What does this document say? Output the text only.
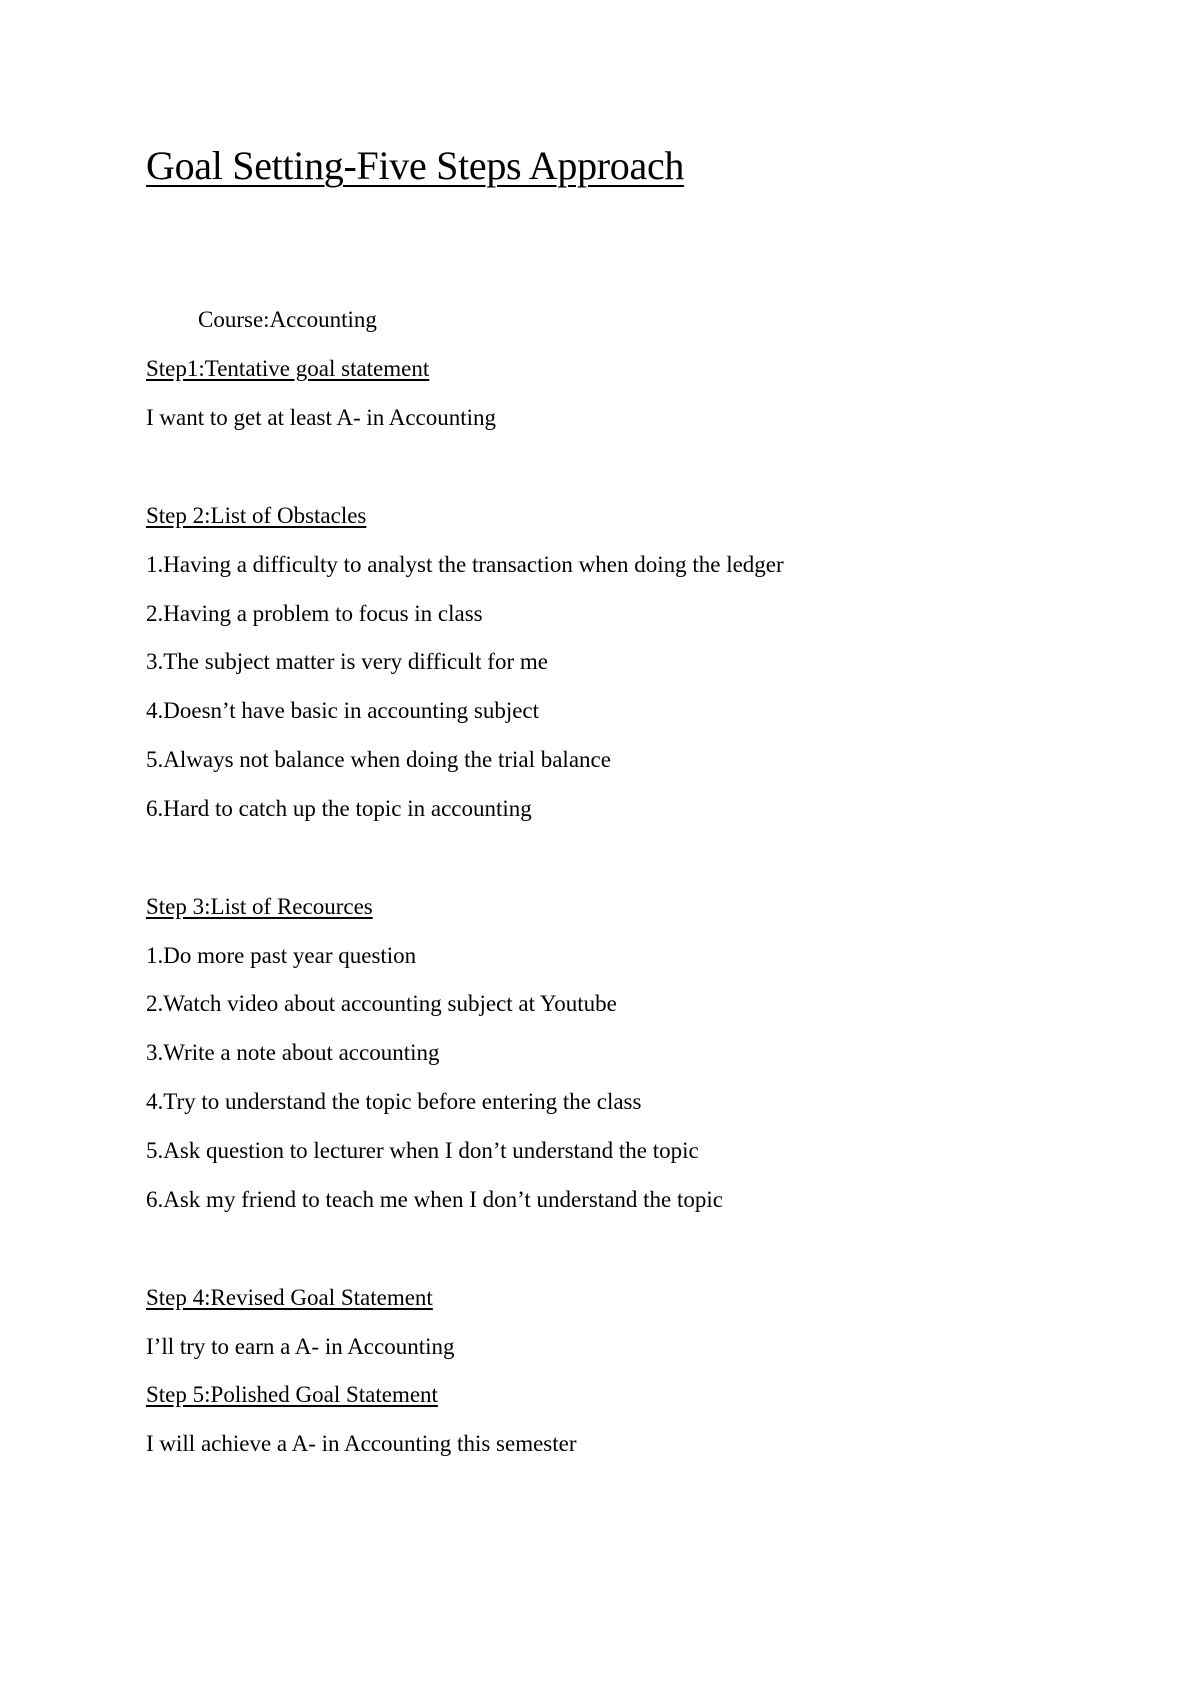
Goal Setting-Five Steps Approach

Course:Accounting

Step1:Tentative goal statement

I want to get at least A- in Accounting

Step 2:List of Obstacles

1.Having a difficulty to analyst the transaction when doing the ledger

2.Having a problem to focus in class

3.The subject matter is very difficult for me

4.Doesn’t have basic in accounting subject

5.Always not balance when doing the trial balance

6.Hard to catch up the topic in accounting

Step 3:List of Recources

1.Do more past year question

2.Watch video about accounting subject at Youtube

3.Write a note about accounting

4.Try to understand the topic before entering the class

5.Ask question to lecturer when I don’t understand the topic

6.Ask my friend to teach me when I don’t understand the topic

Step 4:Revised Goal Statement

I’ll try to earn a A- in Accounting

Step 5:Polished Goal Statement

I will achieve a A- in Accounting this semester
